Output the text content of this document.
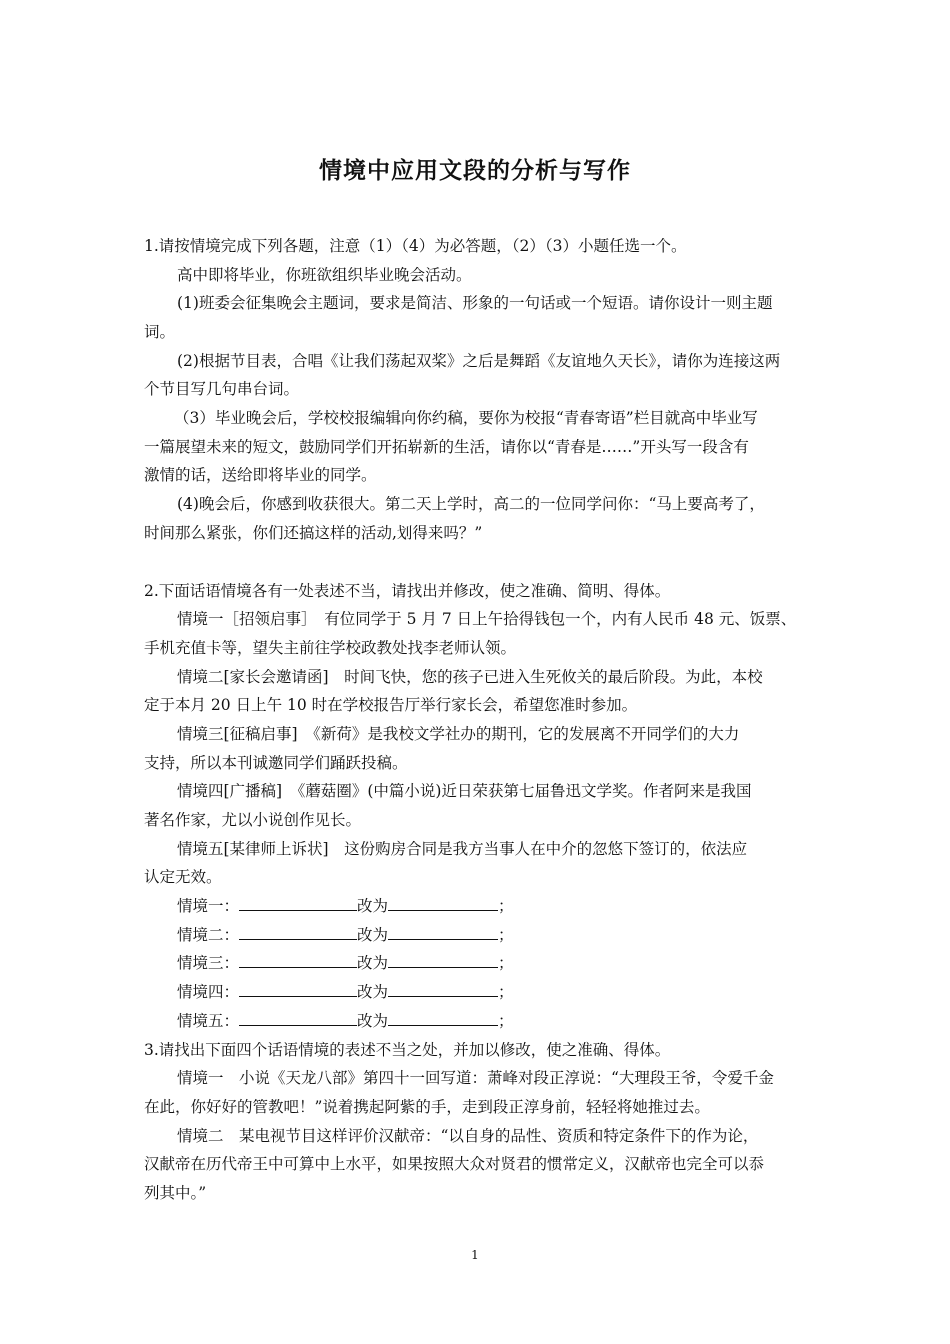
情境中应用文段的分析与写作
1.请按情境完成下列各题，注意（1）（4）为必答题，（2）（3）小题任选一个。
高中即将毕业，你班欲组织毕业晚会活动。
(1)班委会征集晚会主题词，要求是简洁、形象的一句话或一个短语。请你设计一则主题
词。
(2)根据节目表，合唱《让我们荡起双桨》之后是舞蹈《友谊地久天长》，请你为连接这两
个节目写几句串台词。
（3）毕业晚会后，学校校报编辑向你约稿，要你为校报“青春寄语”栏目就高中毕业写
一篇展望未来的短文，鼓励同学们开拓崭新的生活，请你以“青春是……”开头写一段含有
激情的话，送给即将毕业的同学。
(4)晚会后，你感到收获很大。第二天上学时，高二的一位同学问你：“马上要高考了，
时间那么紧张，你们还搞这样的活动,划得来吗？”
2.下面话语情境各有一处表述不当，请找出并修改，使之准确、简明、得体。
情境一［招领启事］　有位同学于 5 月 7 日上午拾得钱包一个，内有人民币 48 元、饭票、
手机充值卡等，望失主前往学校政教处找李老师认领。
情境二[家长会邀请函]　时间飞快，您的孩子已进入生死攸关的最后阶段。为此，本校
定于本月 20 日上午 10 时在学校报告厅举行家长会，希望您准时参加。
情境三[征稿启事]　《新荷》是我校文学社办的期刊，它的发展离不开同学们的大力
支持，所以本刊诚邀同学们踊跃投稿。
情境四[广播稿]　《蘑菇圈》(中篇小说)近日荣获第七届鲁迅文学奖。作者阿来是我国
著名作家，尤以小说创作见长。
情境五[某律师上诉状]　这份购房合同是我方当事人在中介的忽悠下签订的，依法应
认定无效。
情境一：	改为	；
情境二：	改为	；
情境三：	改为	；
情境四：	改为	；
情境五：	改为	；
3.请找出下面四个话语情境的表述不当之处，并加以修改，使之准确、得体。
情境一　小说《天龙八部》第四十一回写道：萧峰对段正淳说：“大理段王爷，令爱千金
在此，你好好的管教吧！”说着携起阿紫的手，走到段正淳身前，轻轻将她推过去。
情境二　某电视节目这样评价汉献帝：“以自身的品性、资质和特定条件下的作为论，
汉献帝在历代帝王中可算中上水平，如果按照大众对贤君的惯常定义，汉献帝也完全可以忝
列其中。”
1
